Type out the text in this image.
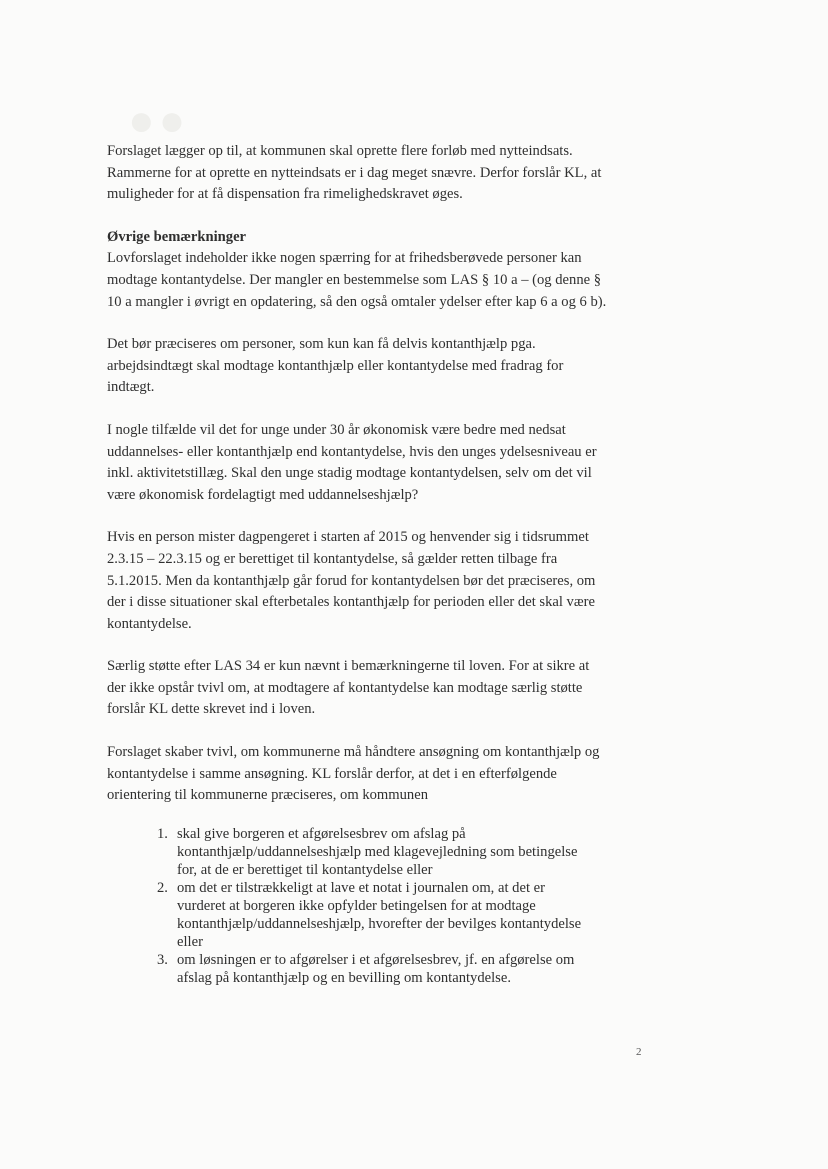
●●

Forslaget lægger op til, at kommunen skal oprette flere forløb med nytteindsats. Rammerne for at oprette en nytteindsats er i dag meget snævre. Derfor forslår KL, at muligheder for at få dispensation fra rimelighedskravet øges.

Øvrige bemærkninger

Lovforslaget indeholder ikke nogen spærring for at frihedsberøvede personer kan modtage kontantydelse. Der mangler en bestemmelse som LAS § 10 a – (og denne § 10 a mangler i øvrigt en opdatering, så den også omtaler ydelser efter kap 6 a og 6 b).

Det bør præciseres om personer, som kun kan få delvis kontanthjælp pga. arbejdsindtægt skal modtage kontanthjælp eller kontantydelse med fradrag for indtægt.

I nogle tilfælde vil det for unge under 30 år økonomisk være bedre med nedsat uddannelses- eller kontanthjælp end kontantydelse, hvis den unges ydelsesniveau er inkl. aktivitetstillæg. Skal den unge stadig modtage kontantydelsen, selv om det vil være økonomisk fordelagtigt med uddannelseshjælp?

Hvis en person mister dagpengeret i starten af 2015 og henvender sig i tidsrummet 2.3.15 – 22.3.15 og er berettiget til kontantydelse, så gælder retten tilbage fra 5.1.2015. Men da kontanthjælp går forud for kontantydelsen bør det præciseres, om der i disse situationer skal efterbetales kontanthjælp for perioden eller det skal være kontantydelse.

Særlig støtte efter LAS 34 er kun nævnt i bemærkningerne til loven. For at sikre at der ikke opstår tvivl om, at modtagere af kontantydelse kan modtage særlig støtte forslår KL dette skrevet ind i loven.

Forslaget skaber tvivl, om kommunerne må håndtere ansøgning om kontanthjælp og kontantydelse i samme ansøgning. KL forslår derfor, at det i en efterfølgende orientering til kommunerne præciseres, om kommunen

1. skal give borgeren et afgørelsesbrev om afslag på kontanthjælp/uddannelseshjælp med klagevejledning som betingelse for, at de er berettiget til kontantydelse eller
2. om det er tilstrækkeligt at lave et notat i journalen om, at det er vurderet at borgeren ikke opfylder betingelsen for at modtage kontanthjælp/uddannelseshjælp, hvorefter der bevilges kontantydelse eller
3. om løsningen er to afgørelser i et afgørelsesbrev, jf. en afgørelse om afslag på kontanthjælp og en bevilling om kontantydelse.
2
